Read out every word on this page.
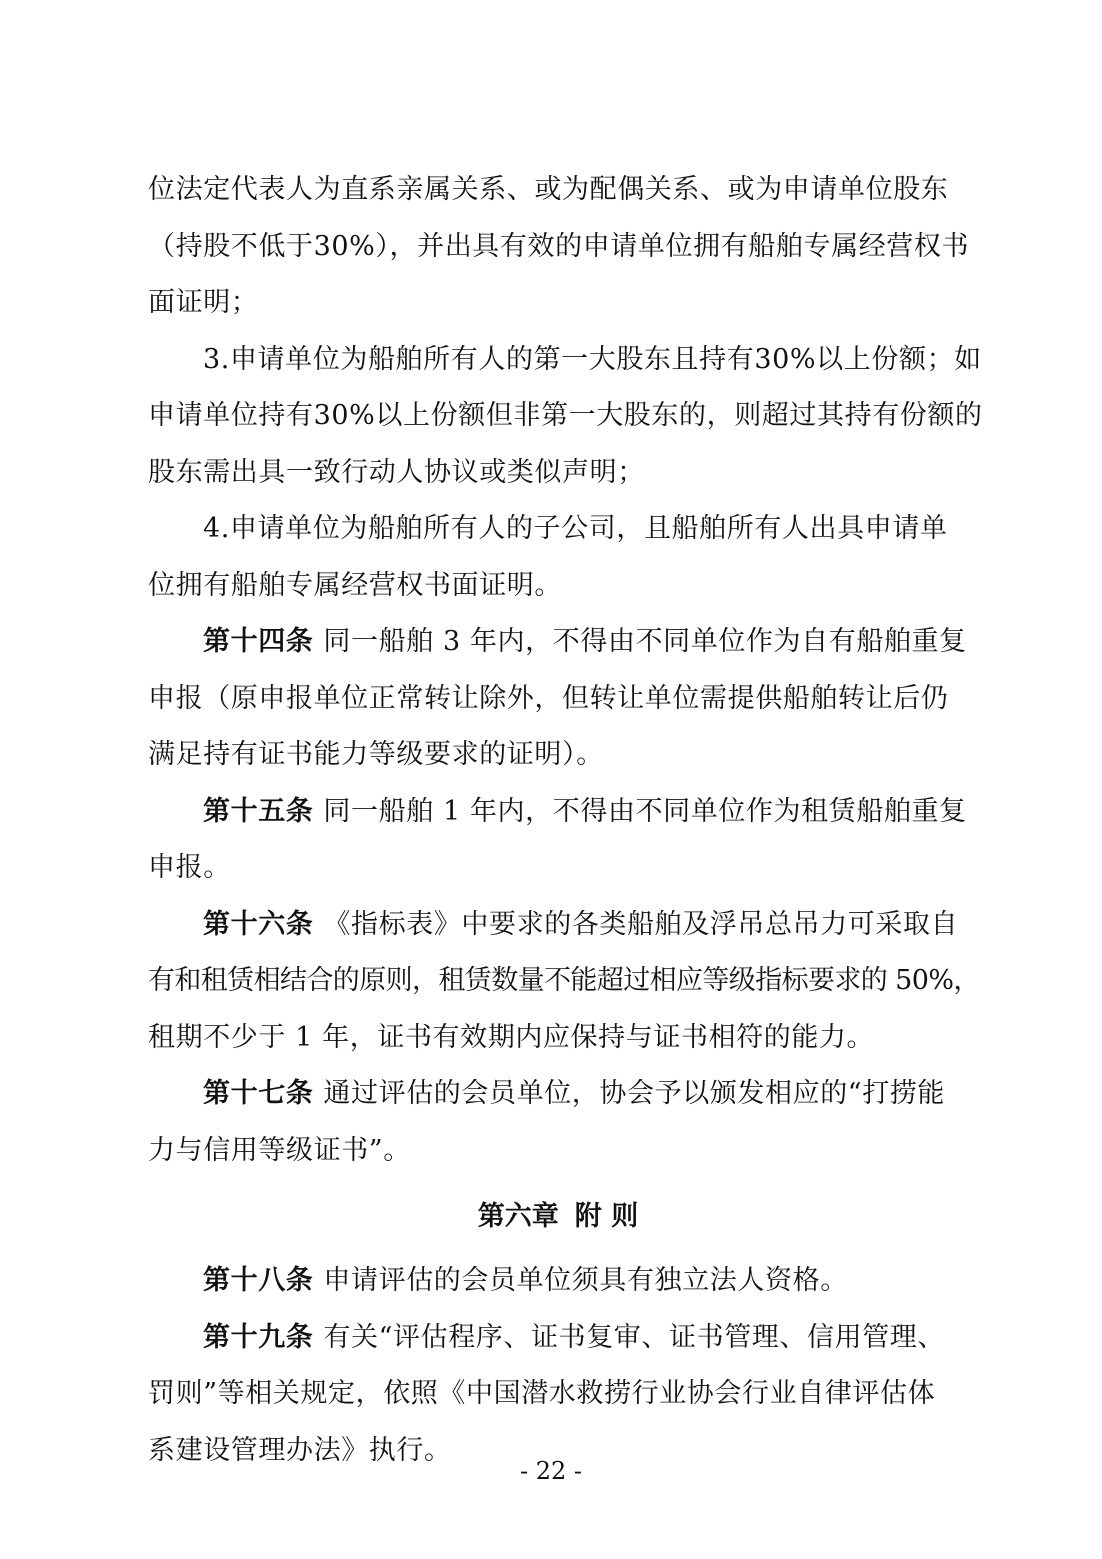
位法定代表人为直系亲属关系、或为配偶关系、或为申请单位股东
（持股不低于30%），并出具有效的申请单位拥有船舶专属经营权书
面证明；
3.申请单位为船舶所有人的第一大股东且持有30%以上份额；如
申请单位持有30%以上份额但非第一大股东的，则超过其持有份额的
股东需出具一致行动人协议或类似声明；
4.申请单位为船舶所有人的子公司，且船舶所有人出具申请单
位拥有船舶专属经营权书面证明。
第十四条 同一船舶 3 年内，不得由不同单位作为自有船舶重复
申报（原申报单位正常转让除外，但转让单位需提供船舶转让后仍
满足持有证书能力等级要求的证明）。
第十五条 同一船舶 1 年内，不得由不同单位作为租赁船舶重复
申报。
第十六条 《指标表》中要求的各类船舶及浮吊总吊力可采取自
有和租赁相结合的原则，租赁数量不能超过相应等级指标要求的 50%，
租期不少于 1 年，证书有效期内应保持与证书相符的能力。
第十七条 通过评估的会员单位，协会予以颁发相应的“打捞能
力与信用等级证书”。
第六章 附 则
第十八条 申请评估的会员单位须具有独立法人资格。
第十九条 有关“评估程序、证书复审、证书管理、信用管理、
罚则”等相关规定，依照《中国潜水救捞行业协会行业自律评估体
系建设管理办法》执行。
- 22 -
